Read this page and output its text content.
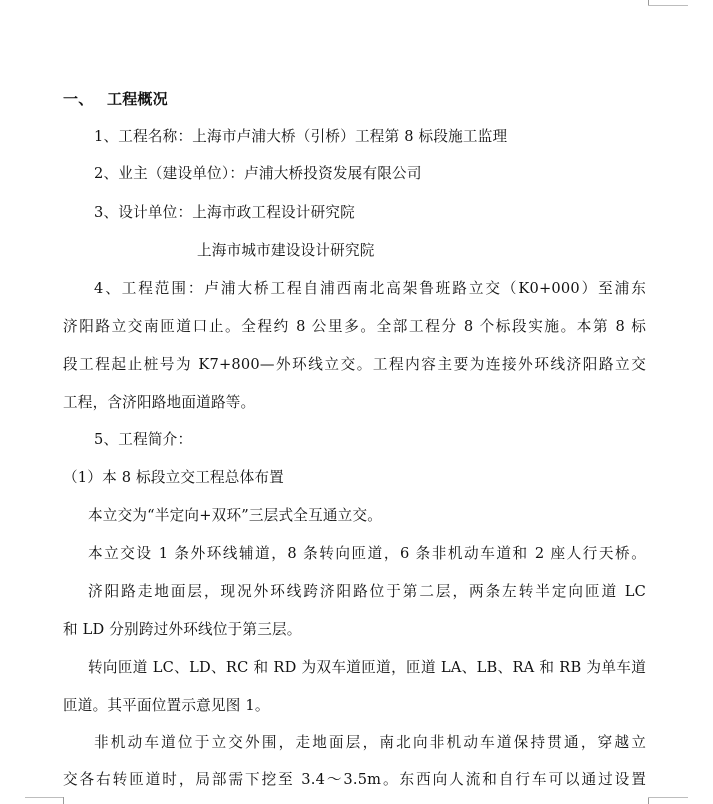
一、 工程概况
1、工程名称：上海市卢浦大桥（引桥）工程第 8 标段施工监理
2、业主（建设单位）：卢浦大桥投资发展有限公司
3、设计单位：上海市政工程设计研究院
上海市城市建设设计研究院
4、工程范围：卢浦大桥工程自浦西南北高架鲁班路立交（K0+000）至浦东
济阳路立交南匝道口止。全程约 8 公里多。全部工程分 8 个标段实施。本第 8 标
段工程起止桩号为 K7+800—外环线立交。工程内容主要为连接外环线济阳路立交
工程，含济阳路地面道路等。
5、工程简介：
（1）本 8 标段立交工程总体布置
本立交为“半定向+双环”三层式全互通立交。
本立交设 1 条外环线辅道，8 条转向匝道，6 条非机动车道和 2 座人行天桥。
济阳路走地面层，现况外环线跨济阳路位于第二层，两条左转半定向匝道 LC
和 LD 分别跨过外环线位于第三层。
转向匝道 LC、LD、RC 和 RD 为双车道匝道，匝道 LA、LB、RA 和 RB 为单车道
匝道。其平面位置示意见图 1。
非机动车道位于立交外围，走地面层，南北向非机动车道保持贯通，穿越立
交各右转匝道时，局部需下挖至 3.4～3.5m。东西向人流和自行车可以通过设置
